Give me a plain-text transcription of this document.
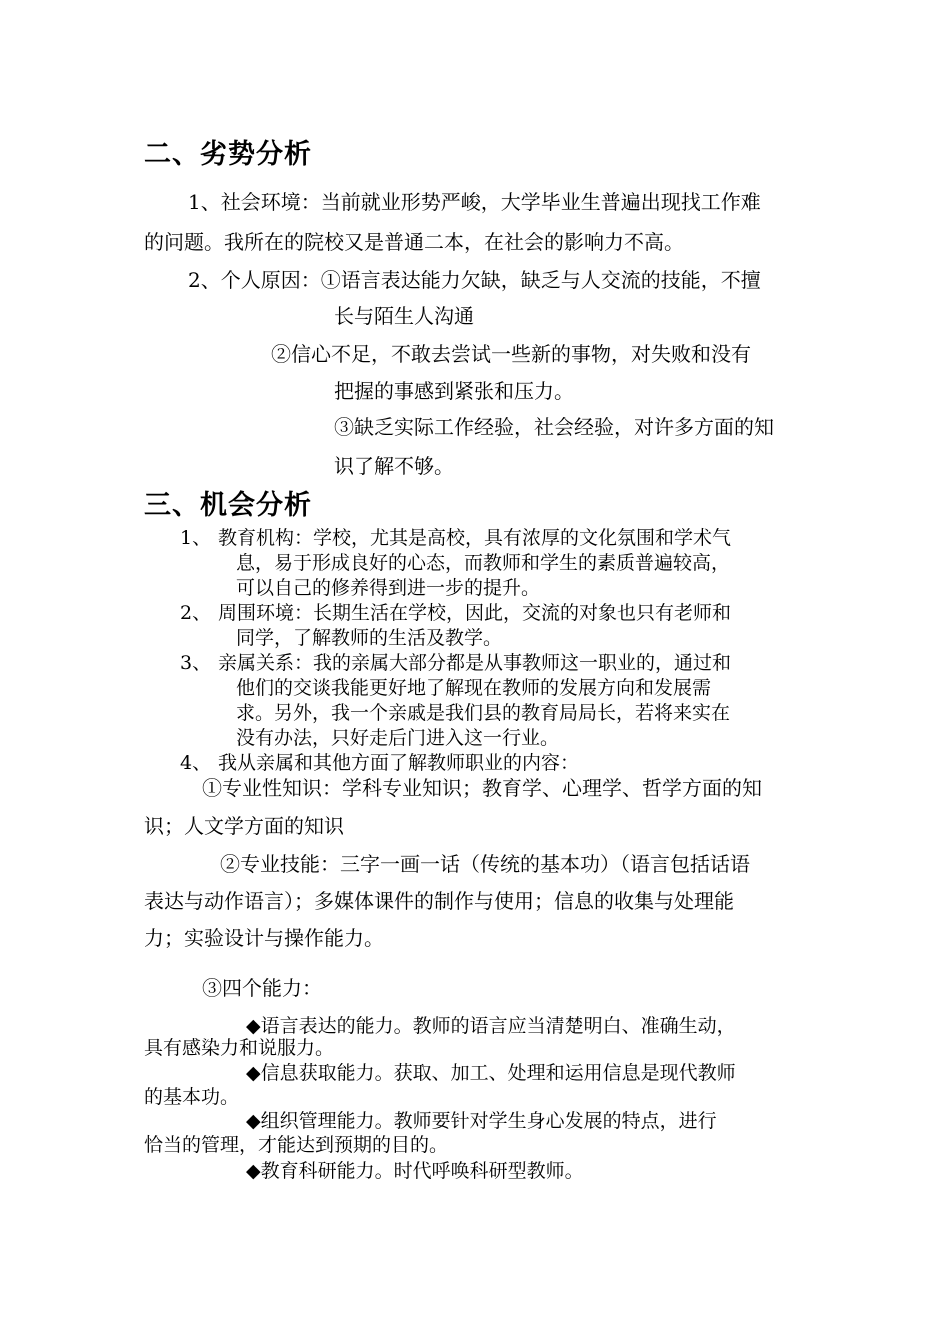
二、劣势分析
1、社会环境：当前就业形势严峻，大学毕业生普遍出现找工作难
的问题。我所在的院校又是普通二本，在社会的影响力不高。
2、个人原因：①语言表达能力欠缺，缺乏与人交流的技能，不擅
长与陌生人沟通
②信心不足，不敢去尝试一些新的事物，对失败和没有
把握的事感到紧张和压力。
③缺乏实际工作经验，社会经验，对许多方面的知
识了解不够。
三、机会分析
1、 教育机构：学校，尤其是高校，具有浓厚的文化氛围和学术气
息，易于形成良好的心态，而教师和学生的素质普遍较高，
可以自己的修养得到进一步的提升。
2、 周围环境：长期生活在学校，因此，交流的对象也只有老师和
同学，了解教师的生活及教学。
3、 亲属关系：我的亲属大部分都是从事教师这一职业的，通过和
他们的交谈我能更好地了解现在教师的发展方向和发展需
求。另外，我一个亲戚是我们县的教育局局长，若将来实在
没有办法，只好走后门进入这一行业。
4、 我从亲属和其他方面了解教师职业的内容：
①专业性知识：学科专业知识；教育学、心理学、哲学方面的知
识；人文学方面的知识
②专业技能：三字一画一话（传统的基本功）（语言包括话语
表达与动作语言）；多媒体课件的制作与使用；信息的收集与处理能
力；实验设计与操作能力。
③四个能力：
◆语言表达的能力。教师的语言应当清楚明白、准确生动，
具有感染力和说服力。
◆信息获取能力。获取、加工、处理和运用信息是现代教师
的基本功。
◆组织管理能力。教师要针对学生身心发展的特点，进行
恰当的管理，才能达到预期的目的。
◆教育科研能力。时代呼唤科研型教师。
